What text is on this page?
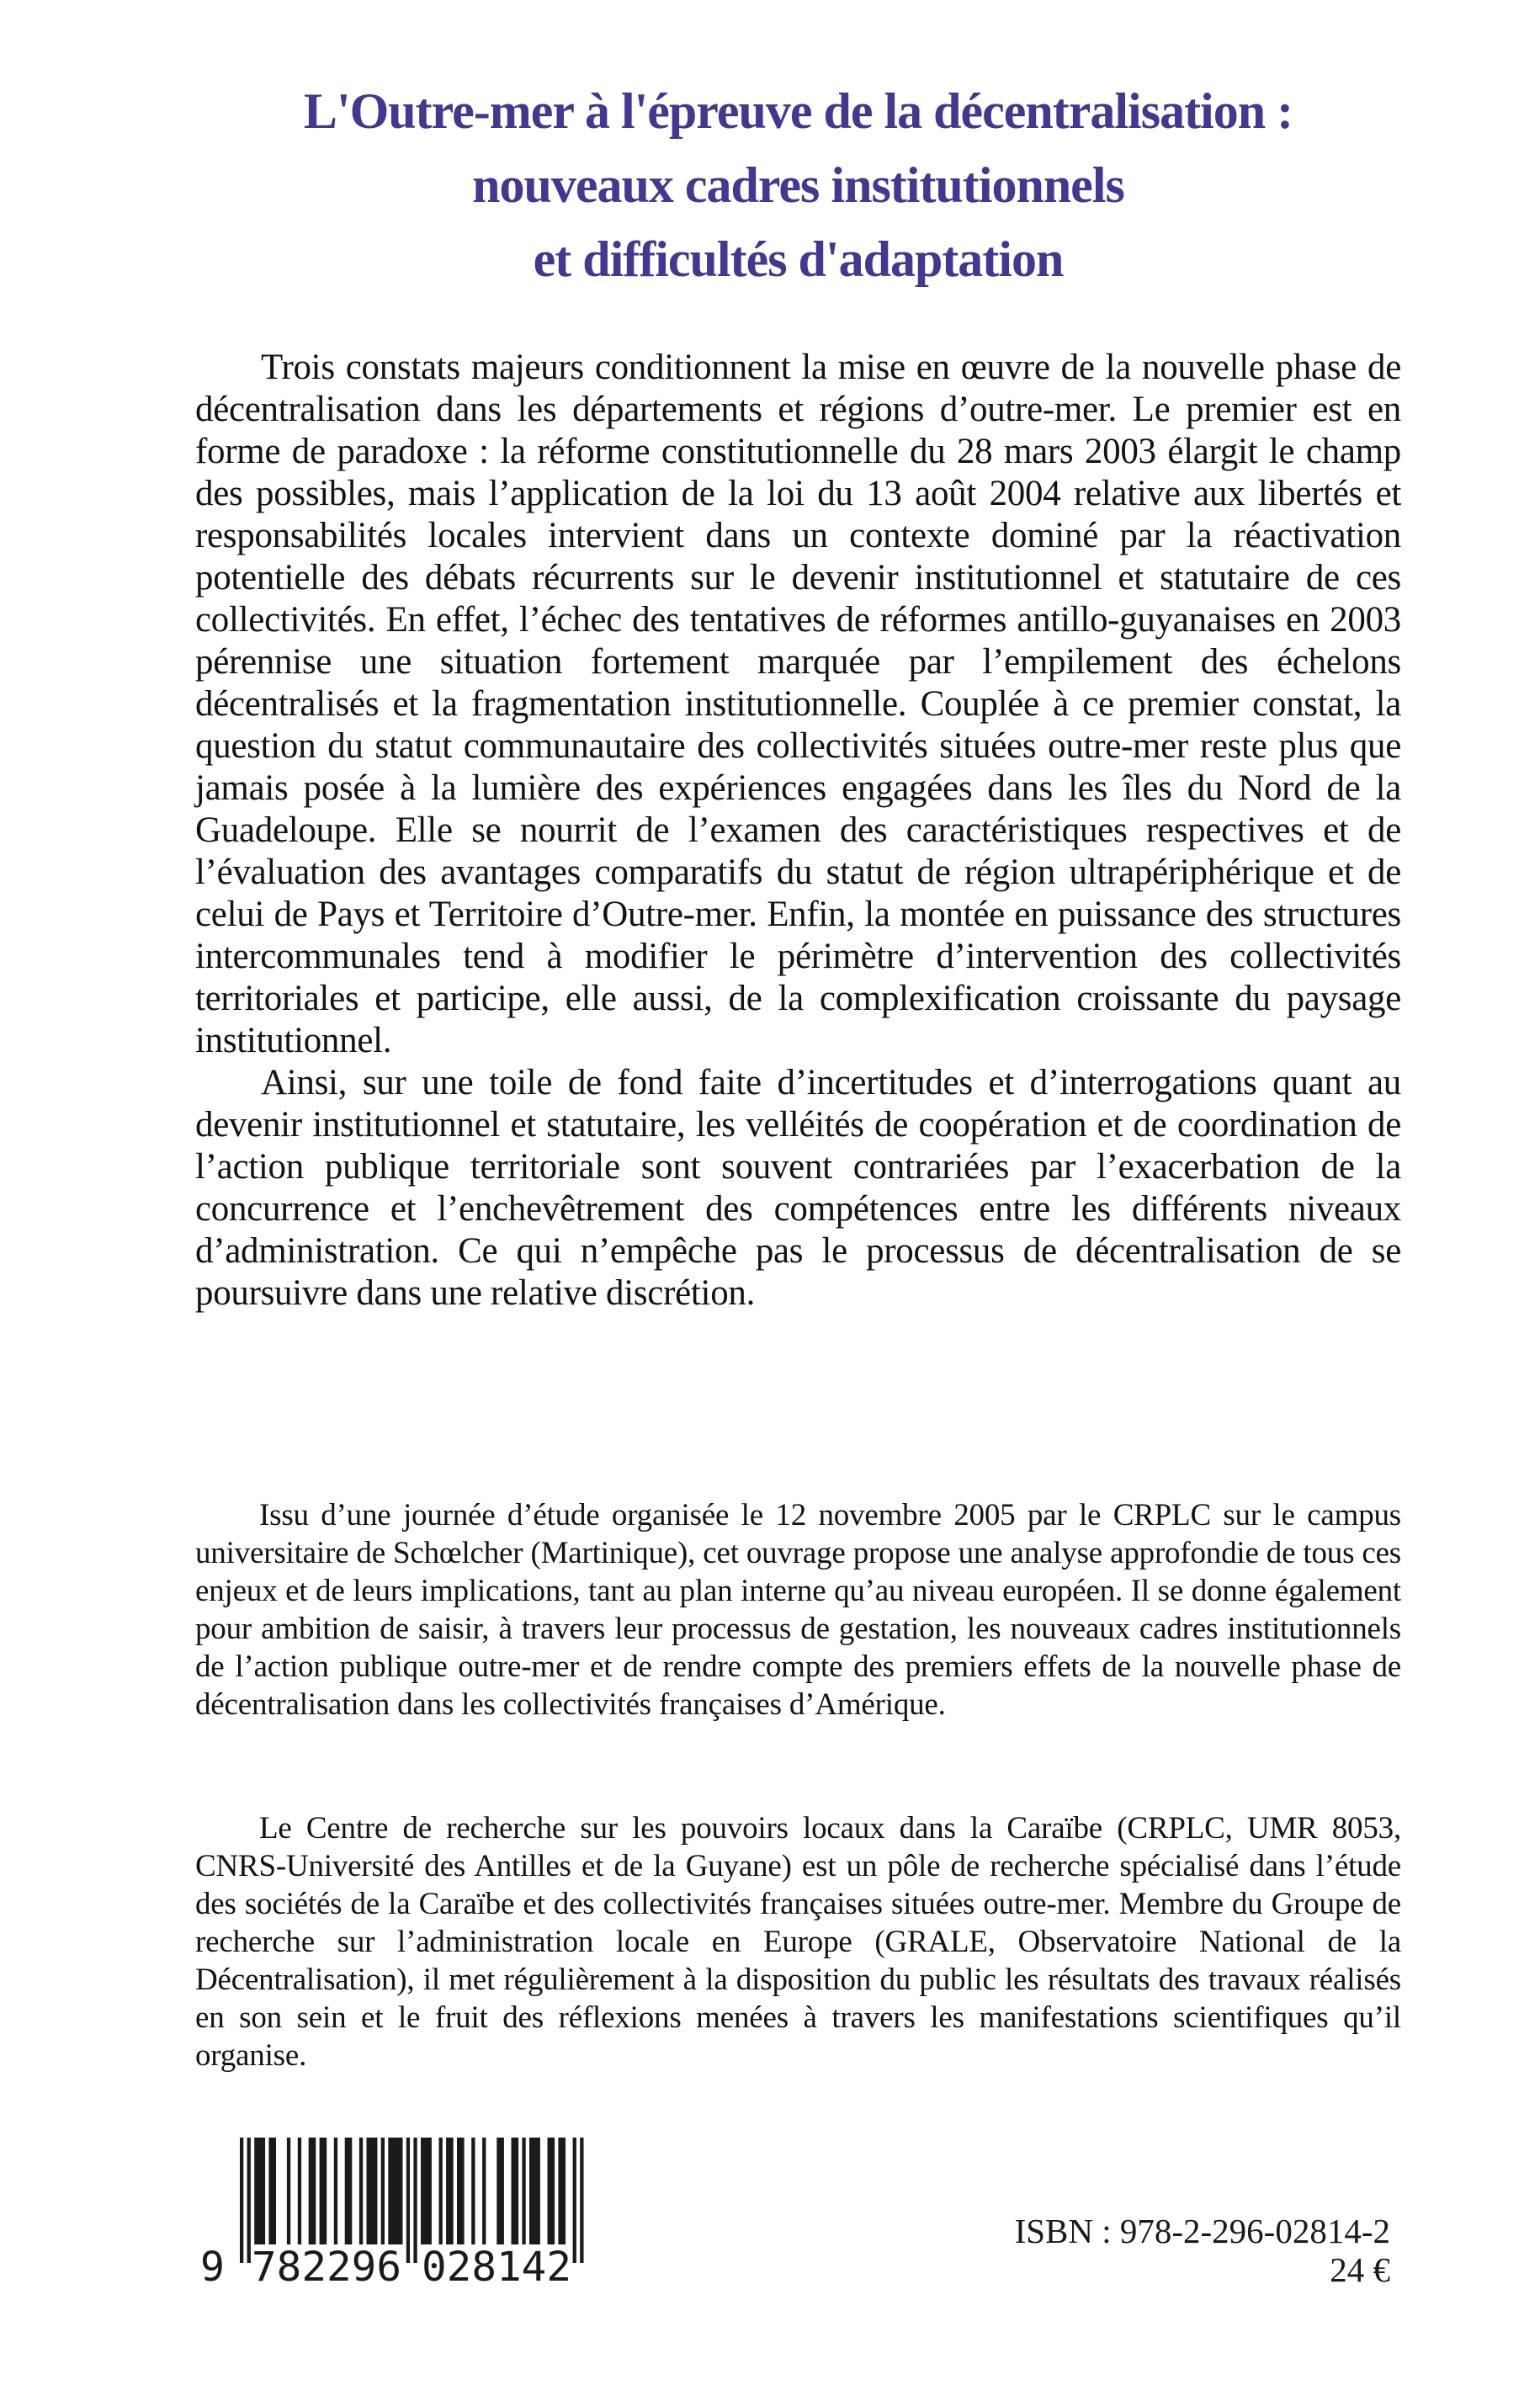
L'Outre-mer à l'épreuve de la décentralisation :
nouveaux cadres institutionnels
et difficultés d'adaptation

Trois constats majeurs conditionnent la mise en œuvre de la nouvelle phase de décentralisation dans les départements et régions d’outre-mer. Le premier est en forme de paradoxe : la réforme constitutionnelle du 28 mars 2003 élargit le champ des possibles, mais l’application de la loi du 13 août 2004 relative aux libertés et responsabilités locales intervient dans un contexte dominé par la réactivation potentielle des débats récurrents sur le devenir institutionnel et statutaire de ces collectivités. En effet, l’échec des tentatives de réformes antillo-guyanaises en 2003 pérennise une situation fortement marquée par l’empilement des échelons décentralisés et la fragmentation institutionnelle. Couplée à ce premier constat, la question du statut communautaire des collectivités situées outre-mer reste plus que jamais posée à la lumière des expériences engagées dans les îles du Nord de la Guadeloupe. Elle se nourrit de l’examen des caractéristiques respectives et de l’évaluation des avantages comparatifs du statut de région ultrapériphérique et de celui de Pays et Territoire d’Outre-mer. Enfin, la montée en puissance des structures intercommunales tend à modifier le périmètre d’intervention des collectivités territoriales et participe, elle aussi, de la complexification croissante du paysage institutionnel.

Ainsi, sur une toile de fond faite d’incertitudes et d’interrogations quant au devenir institutionnel et statutaire, les velléités de coopération et de coordination de l’action publique territoriale sont souvent contrariées par l’exacerbation de la concurrence et l’enchevêtrement des compétences entre les différents niveaux d’administration. Ce qui n’empêche pas le processus de décentralisation de se poursuivre dans une relative discrétion.

Issu d’une journée d’étude organisée le 12 novembre 2005 par le CRPLC sur le campus universitaire de Schœlcher (Martinique), cet ouvrage propose une analyse approfondie de tous ces enjeux et de leurs implications, tant au plan interne qu’au niveau européen. Il se donne également pour ambition de saisir, à travers leur processus de gestation, les nouveaux cadres institutionnels de l’action publique outre-mer et de rendre compte des premiers effets de la nouvelle phase de décentralisation dans les collectivités françaises d’Amérique.

Le Centre de recherche sur les pouvoirs locaux dans la Caraïbe (CRPLC, UMR 8053, CNRS-Université des Antilles et de la Guyane) est un pôle de recherche spécialisé dans l’étude des sociétés de la Caraïbe et des collectivités françaises situées outre-mer. Membre du Groupe de recherche sur l’administration locale en Europe (GRALE, Observatoire National de la Décentralisation), il met régulièrement à la disposition du public les résultats des travaux réalisés en son sein et le fruit des réflexions menées à travers les manifestations scientifiques qu’il organise.

9 782296 028142
ISBN : 978-2-296-02814-2
24 €
